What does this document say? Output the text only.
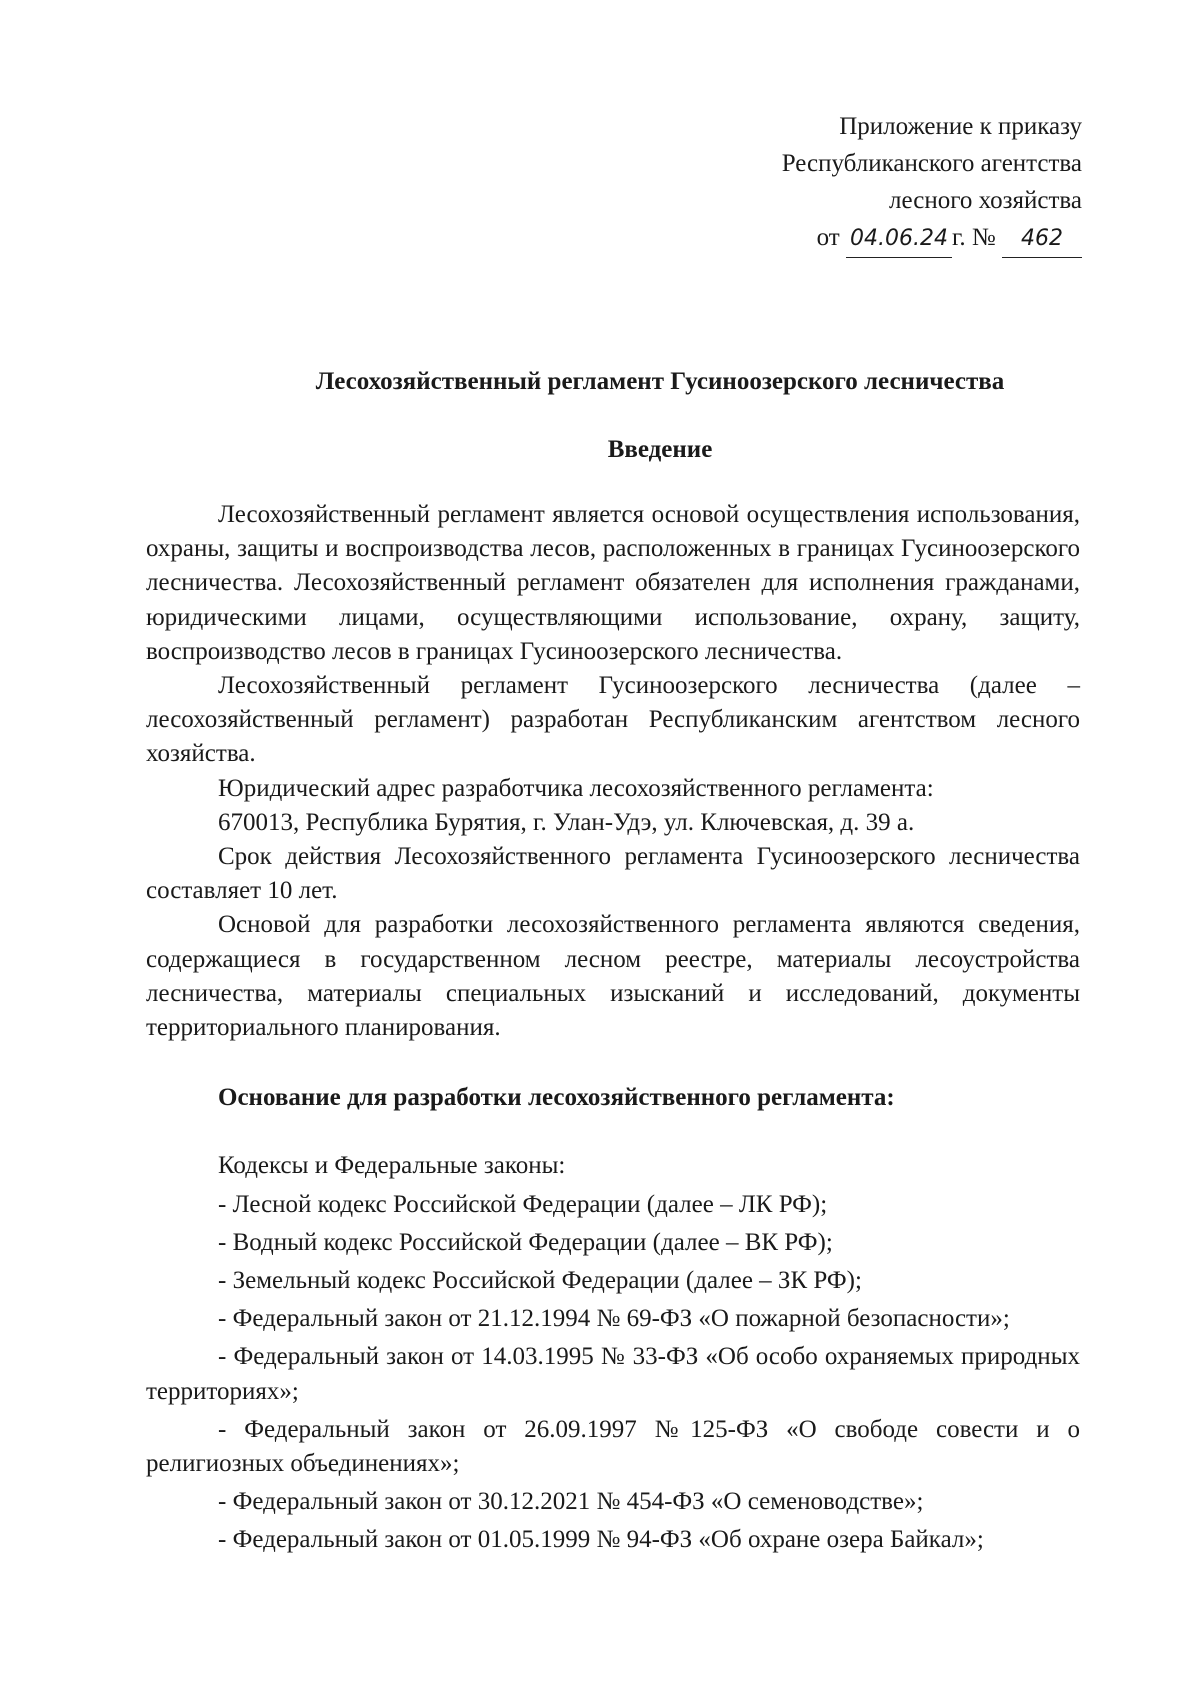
Приложение к приказу
Республиканского агентства
лесного хозяйства
от 04.06.24 г. № 462
Лесохозяйственный регламент Гусиноозерского лесничества
Введение

Лесохозяйственный регламент является основой осуществления использования, охраны, защиты и воспроизводства лесов, расположенных в границах Гусиноозерского лесничества. Лесохозяйственный регламент обязателен для исполнения гражданами, юридическими лицами, осуществляющими использование, охрану, защиту, воспроизводство лесов в границах Гусиноозерского лесничества.

Лесохозяйственный регламент Гусиноозерского лесничества (далее – лесохозяйственный регламент) разработан Республиканским агентством лесного хозяйства.

Юридический адрес разработчика лесохозяйственного регламента:

670013, Республика Бурятия, г. Улан-Удэ, ул. Ключевская, д. 39 а.

Срок действия Лесохозяйственного регламента Гусиноозерского лесничества составляет 10 лет.

Основой для разработки лесохозяйственного регламента являются сведения, содержащиеся в государственном лесном реестре, материалы лесоустройства лесничества, материалы специальных изысканий и исследований, документы территориального планирования.

Основание для разработки лесохозяйственного регламента:

Кодексы и Федеральные законы:

- Лесной кодекс Российской Федерации (далее – ЛК РФ);

- Водный кодекс Российской Федерации (далее – ВК РФ);

- Земельный кодекс Российской Федерации (далее – ЗК РФ);

- Федеральный закон от 21.12.1994 № 69-ФЗ «О пожарной безопасности»;

- Федеральный закон от 14.03.1995 № 33-ФЗ «Об особо охраняемых природных территориях»;

- Федеральный закон от 26.09.1997 №125-ФЗ «О свободе совести и о религиозных объединениях»;

- Федеральный закон от 30.12.2021 № 454-ФЗ «О семеноводстве»;

- Федеральный закон от 01.05.1999 № 94-ФЗ «Об охране озера Байкал»;
